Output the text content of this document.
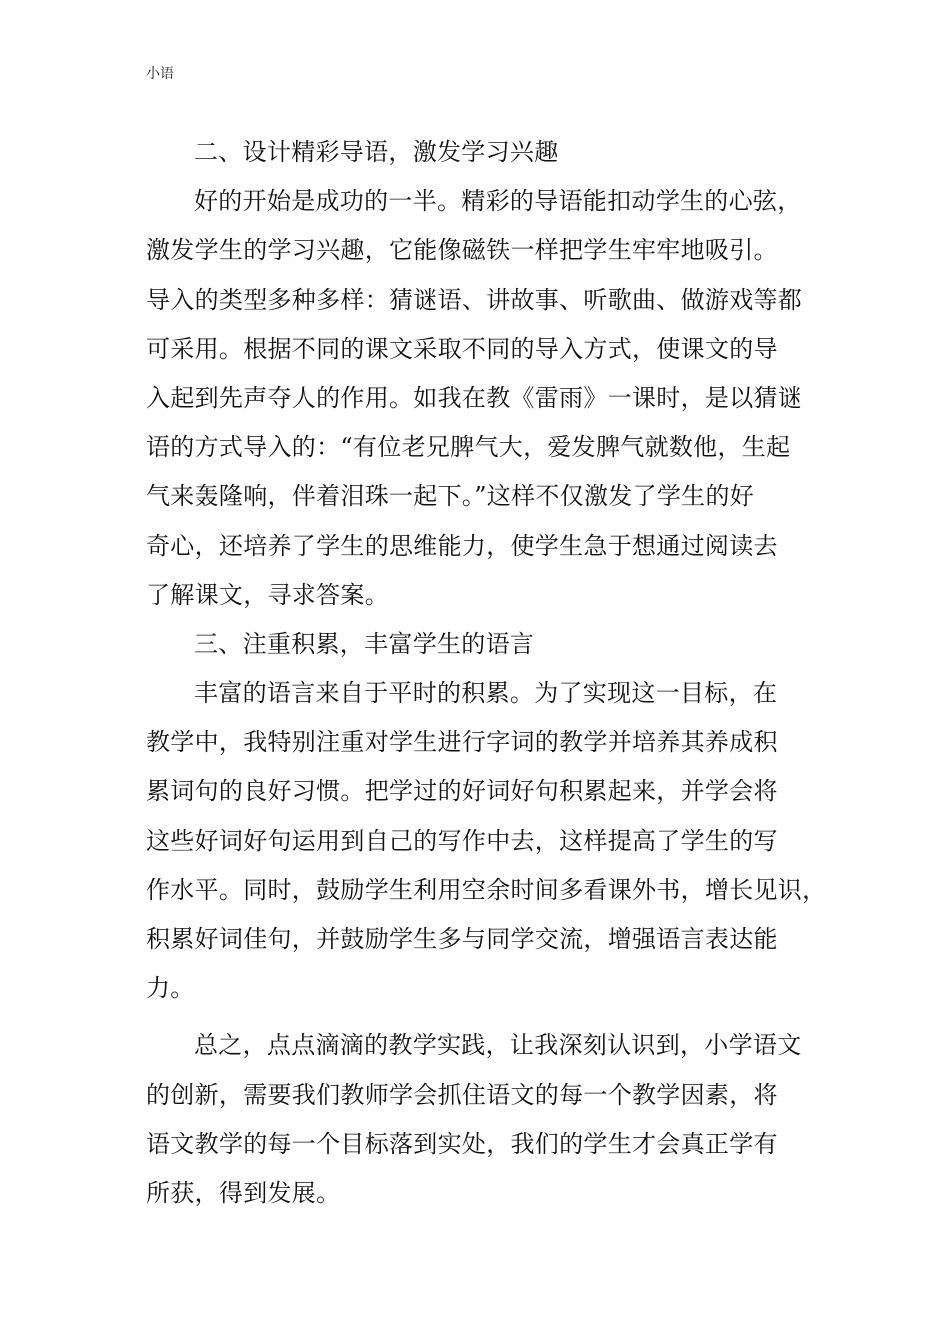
小语
二、设计精彩导语，激发学习兴趣
好的开始是成功的一半。精彩的导语能扣动学生的心弦，
激发学生的学习兴趣，它能像磁铁一样把学生牢牢地吸引。
导入的类型多种多样：猜谜语、讲故事、听歌曲、做游戏等都
可采用。根据不同的课文采取不同的导入方式，使课文的导
入起到先声夺人的作用。如我在教《雷雨》一课时，是以猜谜
语的方式导入的：“有位老兄脾气大，爱发脾气就数他，生起
气来轰隆响，伴着泪珠一起下。”这样不仅激发了学生的好
奇心，还培养了学生的思维能力，使学生急于想通过阅读去
了解课文，寻求答案。
三、注重积累，丰富学生的语言
丰富的语言来自于平时的积累。为了实现这一目标，在
教学中，我特别注重对学生进行字词的教学并培养其养成积
累词句的良好习惯。把学过的好词好句积累起来，并学会将
这些好词好句运用到自己的写作中去，这样提高了学生的写
作水平。同时，鼓励学生利用空余时间多看课外书，增长见识，
积累好词佳句，并鼓励学生多与同学交流，增强语言表达能
力。
总之，点点滴滴的教学实践，让我深刻认识到，小学语文
的创新，需要我们教师学会抓住语文的每一个教学因素，将
语文教学的每一个目标落到实处，我们的学生才会真正学有
所获，得到发展。
